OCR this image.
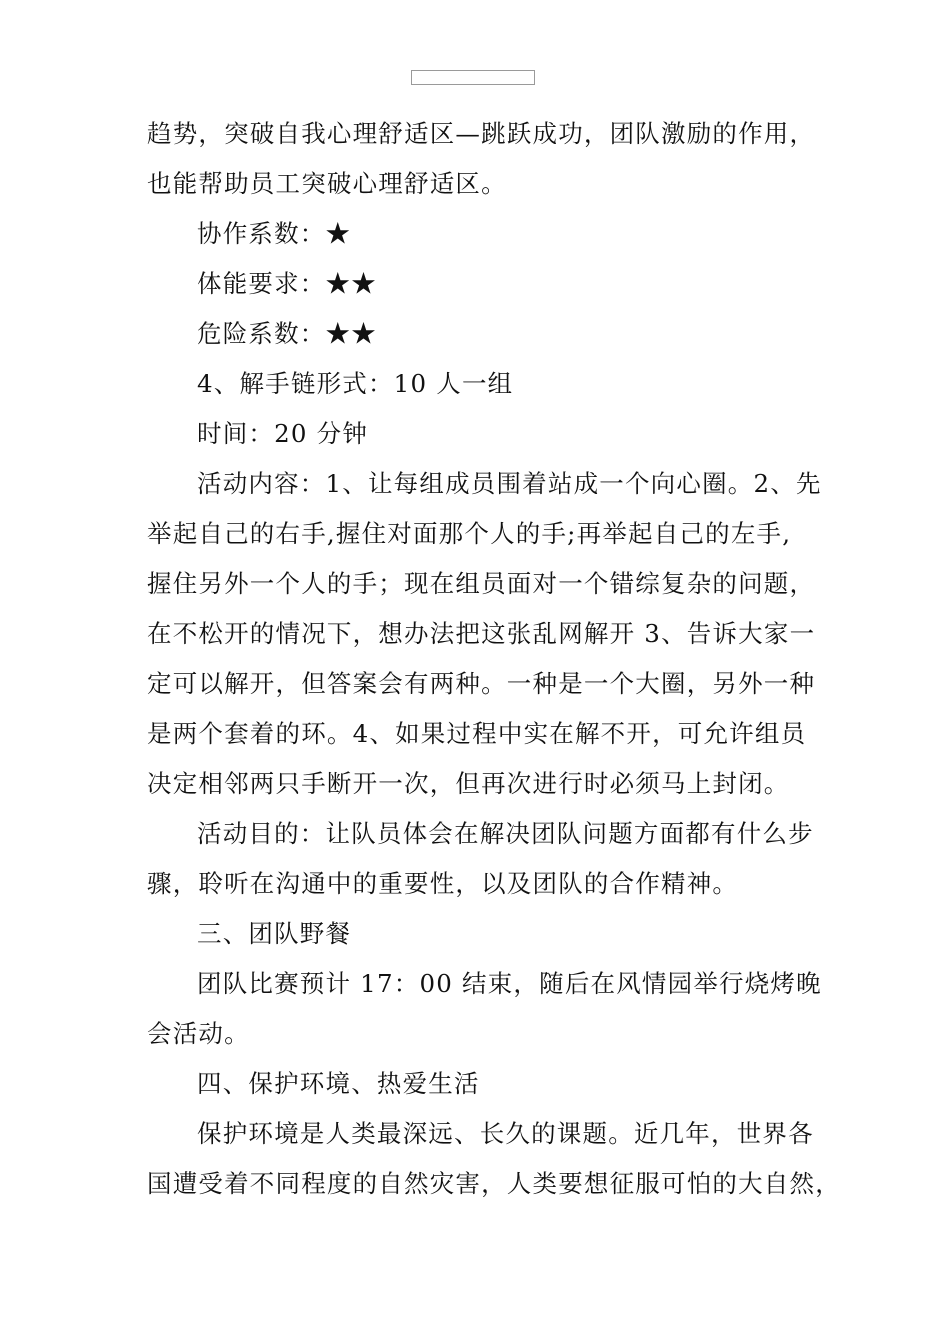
趋势，突破自我心理舒适区—跳跃成功，团队激励的作用，

也能帮助员工突破心理舒适区。

协作系数：★

体能要求：★★

危险系数：★★

4、解手链形式：10 人一组

时间：20 分钟

活动内容：1、让每组成员围着站成一个向心圈。2、先

举起自己的右手,握住对面那个人的手;再举起自己的左手,

握住另外一个人的手；现在组员面对一个错综复杂的问题，

在不松开的情况下，想办法把这张乱网解开 3、告诉大家一

定可以解开，但答案会有两种。一种是一个大圈，另外一种

是两个套着的环。4、如果过程中实在解不开，可允许组员

决定相邻两只手断开一次，但再次进行时必须马上封闭。

活动目的：让队员体会在解决团队问题方面都有什么步

骤，聆听在沟通中的重要性，以及团队的合作精神。

三、团队野餐

团队比赛预计 17：00 结束，随后在风情园举行烧烤晚

会活动。

四、保护环境、热爱生活

保护环境是人类最深远、长久的课题。近几年，世界各

国遭受着不同程度的自然灾害，人类要想征服可怕的大自然，
